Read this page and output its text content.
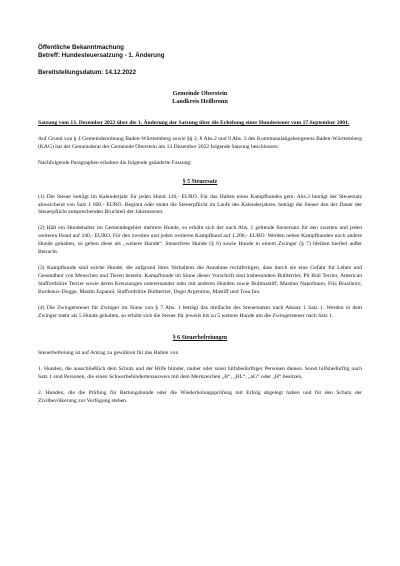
Öffentliche Bekanntmachung
Betreff: Hundesteuersatzung - 1. Änderung
Bereitstellungsdatum: 14.12.2022
Gemeinde Oberstein
Landkreis Heilbronn

Satzung vom 13. Dezember 2022 über die 1. Änderung der Satzung über die Erhebung einer Hundesteuer vom 17.September 2001.

Auf Grund von § 4 Gemeindeordnung Baden-Württemberg sowie §§ 2, 8 Abs.2 und 9 Abs. 3 des Kommunalabgabengesetz Baden-Württemberg (KAG) hat der Gemeinderat der Gemeinde Oberstein am 13.Dezember 2022 folgende Satzung beschlossen:

Nachfolgende Paragraphen erhalten die folgende geänderte Fassung:

§ 5 Steuersatz

(1) Die Steuer beträgt im Kalenderjahr für jeden Hund 120,- EURO. Für das Halten eines Kampfhundes gem. Abs.3 beträgt der Steuersatz abweichend von Satz 1 600,- EURO. Beginnt oder endet die Steuerpflicht im Laufe des Kalenderjahres, beträgt die Steuer den der Dauer der Steuerpflicht entsprechenden Bruchteil der Jahressteuer.

(2) Hält ein Hundehalter im Gemeindegebiet mehrere Hunde, so erhöht sich der nach Abs. 1 geltende Steuersatz für den zweiten und jeden weiteren Hund auf 240,- EURO. Für den zweiten und jeden weiteren Kampfhund auf 1.200,- EURO. Werden neben Kampfhunden noch andere Hunde gehalten, so gelten diese als „weitere Hunde“. Steuerfreie Hunde (§ 6) sowie Hunde in einem Zwinger (§ 7) bleiben hierbei außer Betracht.

(3) Kampfhunde sind solche Hunde, die aufgrund ihres Verhaltens die Annahme rechtfertigen, dass durch sie eine Gefahr für Leben und Gesundheit von Menschen und Tieren besteht. Kampfhunde im Sinne dieser Vorschrift sind insbesondere Bullterrier, Pit Bull Terrier, American Staffordshire Terrier sowie deren Kreuzungen untereinander oder mit anderen Hunden sowie Bullmastiff, Mastino Napolitano, Fila Brasileiro, Bordeaux-Dogge, Mastin Espanol, Staffordshire Bullterrier, Dogo Argentino, Mastiff und Tosa Inu.

(4) Die Zwingersteuer für Zwinger im Sinne von § 7 Abs. 1 beträgt das dreifache des Steuersatzes nach Absatz 1 Satz 1. Werden in dem Zwinger mehr als 5 Hunde gehalten, so erhöht sich die Steuer für jeweils bis zu 5 weitere Hunde um die Zwingersteuer nach Satz 1.

§ 6 Steuerbefreiungen

Steuerbefreiung ist auf Antrag zu gewähren für das Halten von

1. Hunden, die ausschließlich dem Schutz und der Hilfe blinder, tauber oder sonst hilfsbedürftiger Personen dienen. Sonst hilfsbedürftig nach Satz 1 sind Personen, die einen Schwerbehindertenausweis mit dem Merkzeichen „B“, „BL“, „aG“ oder „H“ besitzen,

2. Hunden, die die Prüfung für Rettungshunde oder die Wiederholungsprüfung mit Erfolg abgelegt haben und für den Schutz der Zivilbevölkerung zur Verfügung stehen.
